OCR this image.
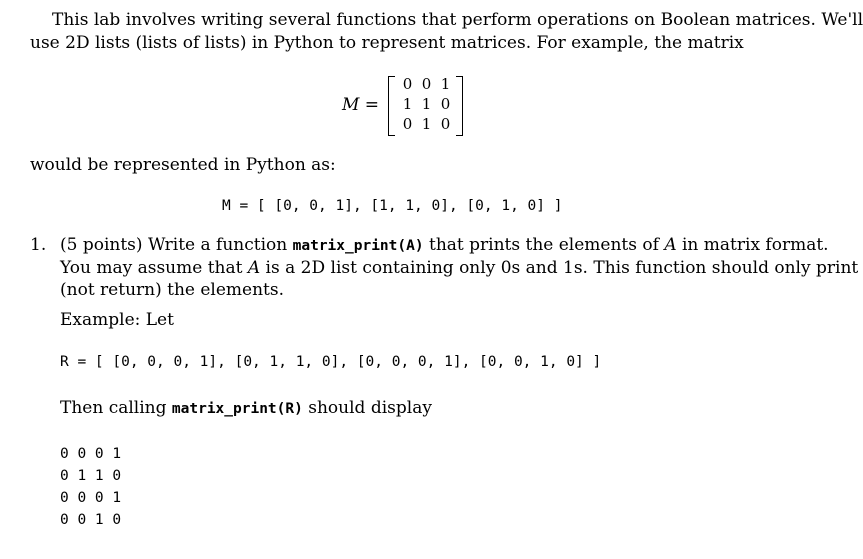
This lab involves writing several functions that perform operations on Boolean matrices. We'll
use 2D lists (lists of lists) in Python to represent matrices. For example, the matrix
M =
0 0 1
1 1 0
0 1 0
would be represented in Python as:
M = [ [0, 0, 1], [1, 1, 0], [0, 1, 0] ]
1. (5 points) Write a function matrix_print(A) that prints the elements of A in matrix format.
You may assume that A is a 2D list containing only 0s and 1s. This function should only print
(not return) the elements.
Example: Let
R = [ [0, 0, 0, 1], [0, 1, 1, 0], [0, 0, 0, 1], [0, 0, 1, 0] ]
Then calling matrix_print(R) should display
0 0 0 1
0 1 1 0
0 0 0 1
0 0 1 0
